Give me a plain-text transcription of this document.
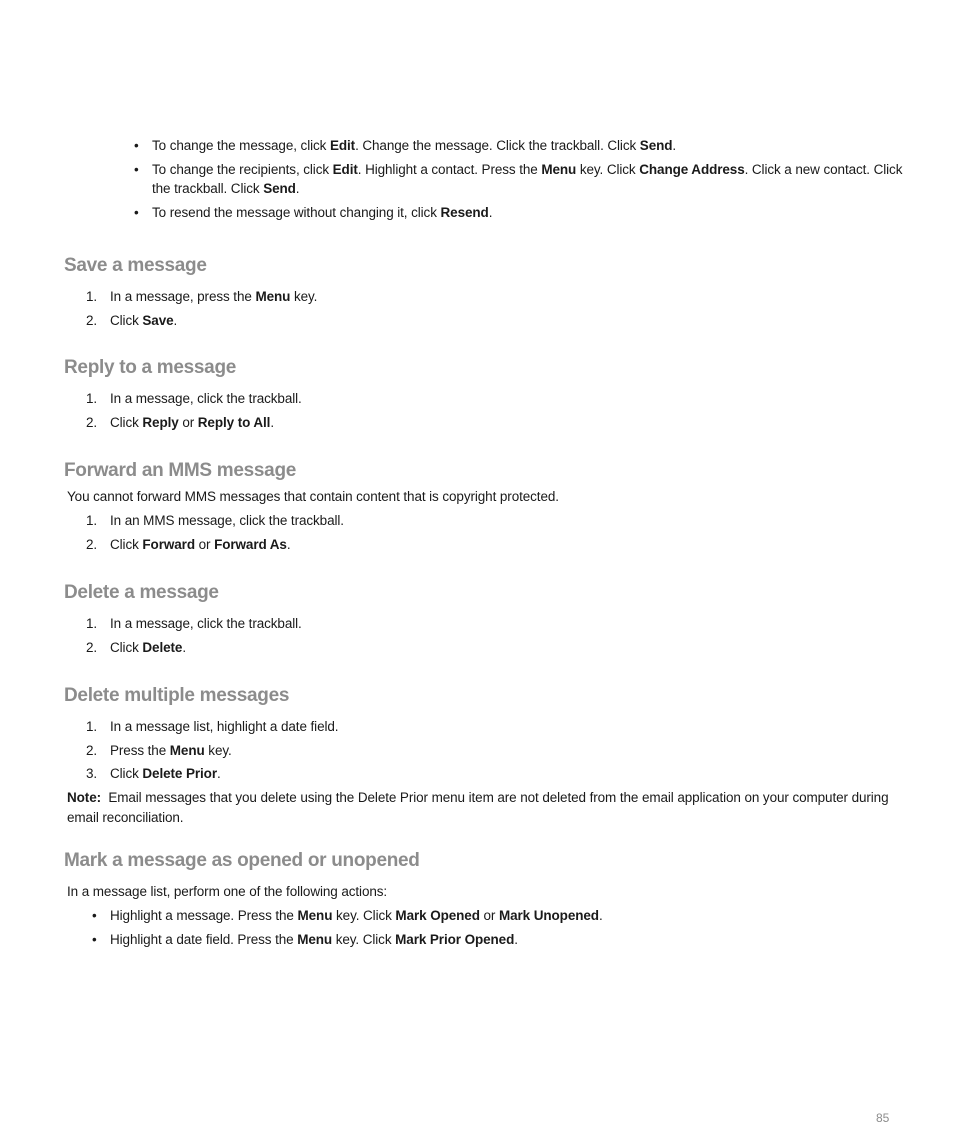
• To change the message, click Edit. Change the message. Click the trackball. Click Send.
• To change the recipients, click Edit. Highlight a contact. Press the Menu key. Click Change Address. Click a new contact. Click the trackball. Click Send.
• To resend the message without changing it, click Resend.
Save a message
1. In a message, press the Menu key.
2. Click Save.
Reply to a message
1. In a message, click the trackball.
2. Click Reply or Reply to All.
Forward an MMS message

You cannot forward MMS messages that contain content that is copyright protected.

1. In an MMS message, click the trackball.
2. Click Forward or Forward As.
Delete a message
1. In a message, click the trackball.
2. Click Delete.
Delete multiple messages
1. In a message list, highlight a date field.
2. Press the Menu key.
3. Click Delete Prior.

Note: Email messages that you delete using the Delete Prior menu item are not deleted from the email application on your computer during email reconciliation.

Mark a message as opened or unopened

In a message list, perform one of the following actions:

• Highlight a message. Press the Menu key. Click Mark Opened or Mark Unopened.
• Highlight a date field. Press the Menu key. Click Mark Prior Opened.
85
